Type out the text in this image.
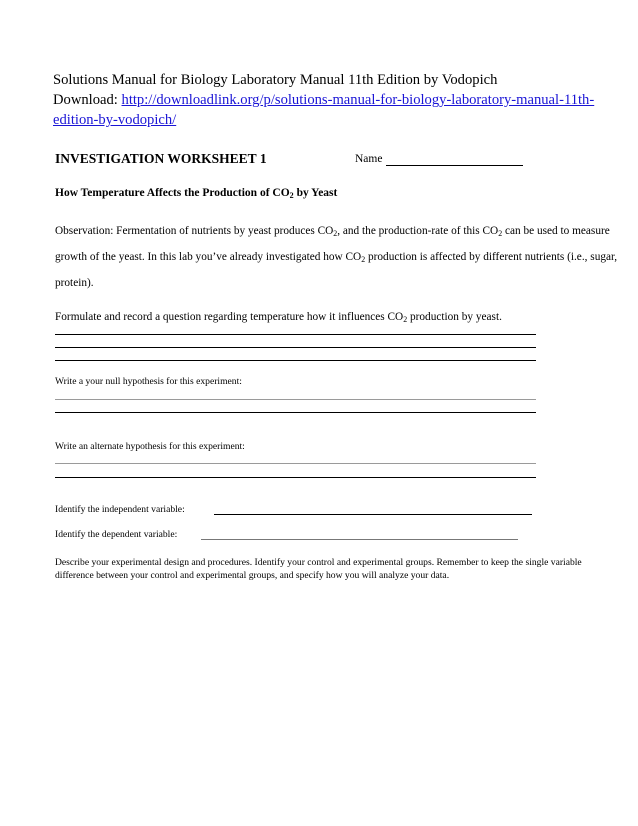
Solutions Manual for Biology Laboratory Manual 11th Edition by Vodopich
Download: http://downloadlink.org/p/solutions-manual-for-biology-laboratory-manual-11th-edition-by-vodopich/
INVESTIGATION WORKSHEET 1	Name
How Temperature Affects the Production of $CO_2$ by Yeast
Observation: Fermentation of nutrients by yeast produces $CO_2$, and the production-rate of this $CO_2$ can be used to measure growth of the yeast. In this lab you’ve already investigated how $CO_2$ production is affected by different nutrients (i.e., sugar, protein).
Formulate and record a question regarding temperature how it influences $CO_2$ production by yeast.
Write a your null hypothesis for this experiment:
Write an alternate hypothesis for this experiment:
Identify the independent variable:
Identify the dependent variable:
Describe your experimental design and procedures. Identify your control and experimental groups. Remember to keep the single variable difference between your control and experimental groups, and specify how you will analyze your data.
